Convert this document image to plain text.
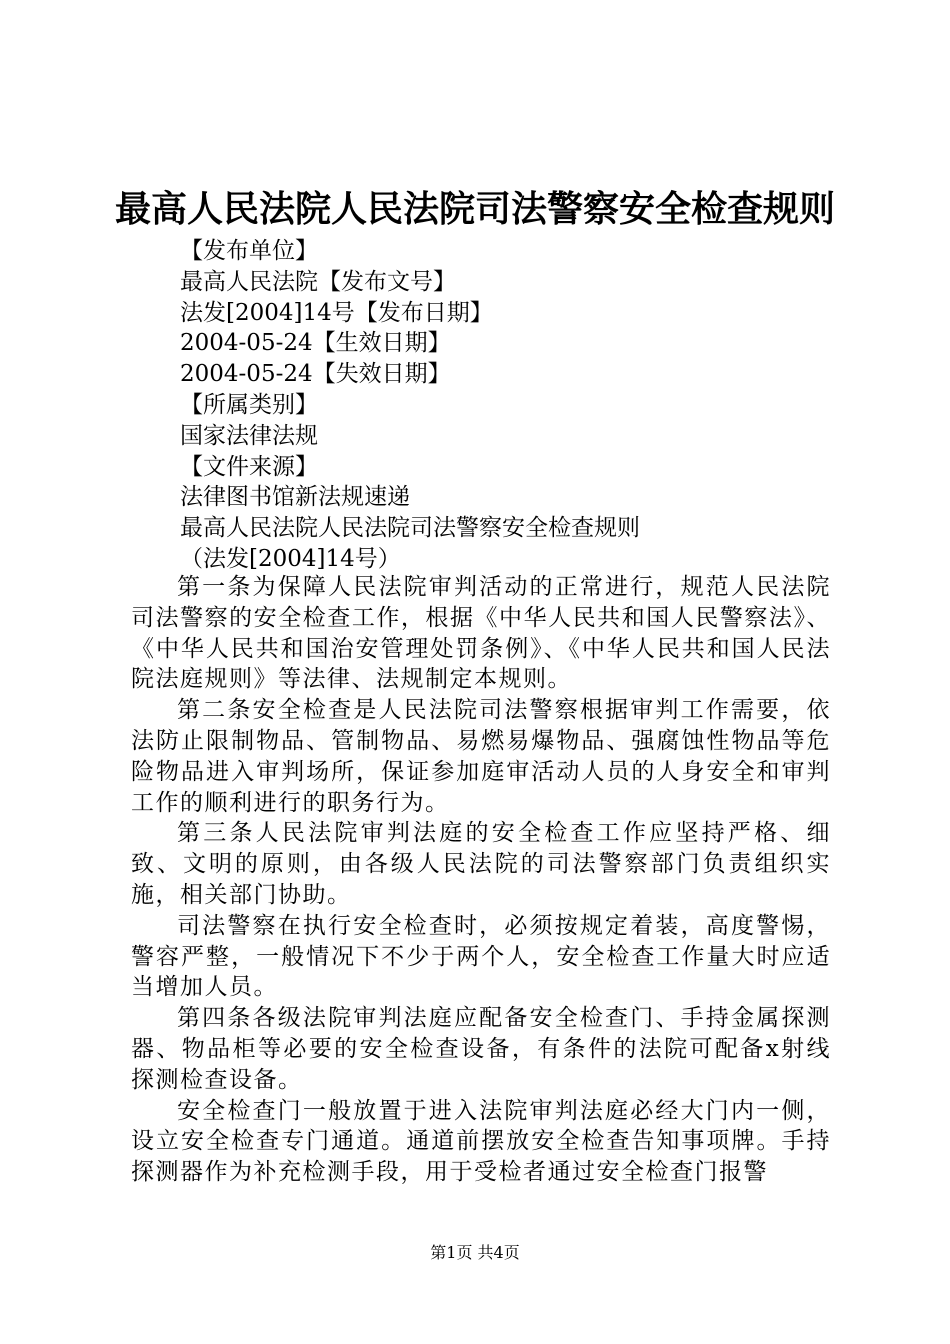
最高人民法院人民法院司法警察安全检查规则
【发布单位】
最高人民法院【发布文号】
法发[2004]14号【发布日期】
2004-05-24【生效日期】
2004-05-24【失效日期】
【所属类别】
国家法律法规
【文件来源】
法律图书馆新法规速递
最高人民法院人民法院司法警察安全检查规则
（法发[2004]14号）

第一条为保障人民法院审判活动的正常进行，规范人民法院司法警察的安全检查工作，根据《中华人民共和国人民警察法》、《中华人民共和国治安管理处罚条例》、《中华人民共和国人民法院法庭规则》等法律、法规制定本规则。

第二条安全检查是人民法院司法警察根据审判工作需要，依法防止限制物品、管制物品、易燃易爆物品、强腐蚀性物品等危险物品进入审判场所，保证参加庭审活动人员的人身安全和审判工作的顺利进行的职务行为。

第三条人民法院审判法庭的安全检查工作应坚持严格、细致、文明的原则，由各级人民法院的司法警察部门负责组织实施，相关部门协助。

司法警察在执行安全检查时，必须按规定着装，高度警惕，警容严整，一般情况下不少于两个人，安全检查工作量大时应适当增加人员。

第四条各级法院审判法庭应配备安全检查门、手持金属探测器、物品柜等必要的安全检查设备，有条件的法院可配备x射线探测检查设备。

安全检查门一般放置于进入法院审判法庭必经大门内一侧，设立安全检查专门通道。通道前摆放安全检查告知事项牌。手持探测器作为补充检测手段，用于受检者通过安全检查门报警

第1页 共4页
